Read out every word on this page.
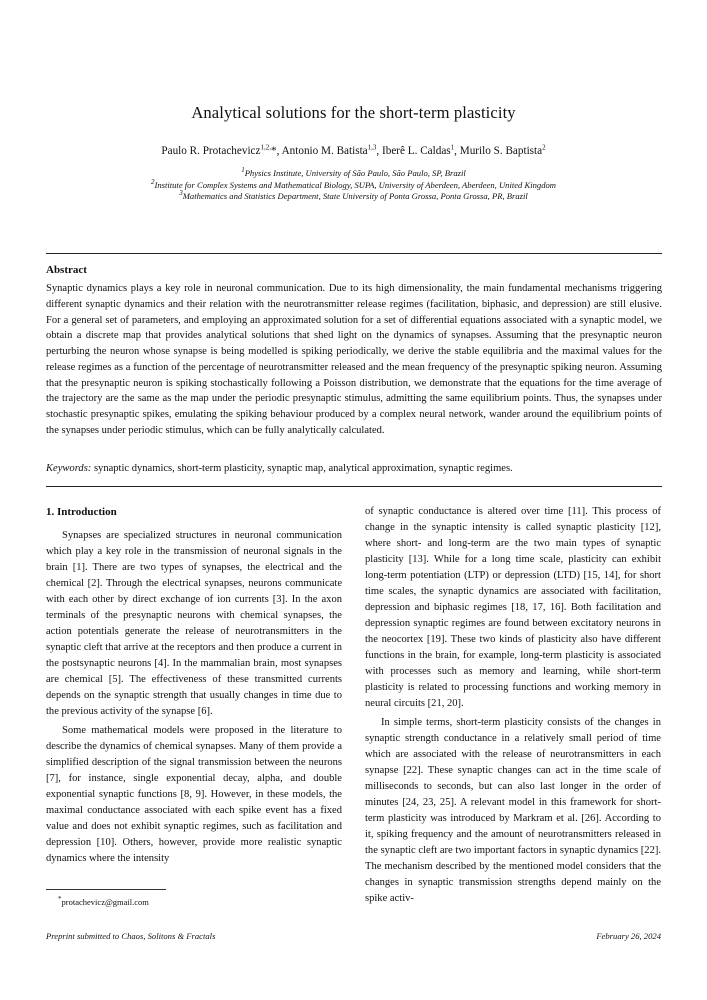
Analytical solutions for the short-term plasticity
Paulo R. Protachevicz$^{1,2,}$*, Antonio M. Batista$^{1,3}$, Iberê L. Caldas$^1$, Murilo S. Baptista$^2$
$^1$Physics Institute, University of São Paulo, São Paulo, SP, Brazil
$^2$Institute for Complex Systems and Mathematical Biology, SUPA, University of Aberdeen, Aberdeen, United Kingdom
$^3$Mathematics and Statistics Department, State University of Ponta Grossa, Ponta Grossa, PR, Brazil
Abstract
Synaptic dynamics plays a key role in neuronal communication. Due to its high dimensionality, the main fundamental mechanisms triggering different synaptic dynamics and their relation with the neurotransmitter release regimes (facilitation, biphasic, and depression) are still elusive. For a general set of parameters, and employing an approximated solution for a set of differential equations associated with a synaptic model, we obtain a discrete map that provides analytical solutions that shed light on the dynamics of synapses. Assuming that the presynaptic neuron perturbing the neuron whose synapse is being modelled is spiking periodically, we derive the stable equilibria and the maximal values for the release regimes as a function of the percentage of neurotransmitter released and the mean frequency of the presynaptic spiking neuron. Assuming that the presynaptic neuron is spiking stochastically following a Poisson distribution, we demonstrate that the equations for the time average of the trajectory are the same as the map under the periodic presynaptic stimulus, admitting the same equilibrium points. Thus, the synapses under stochastic presynaptic spikes, emulating the spiking behaviour produced by a complex neural network, wander around the equilibrium points of the synapses under periodic stimulus, which can be fully analytically calculated.
Keywords: synaptic dynamics, short-term plasticity, synaptic map, analytical approximation, synaptic regimes.
1. Introduction

Synapses are specialized structures in neuronal communication which play a key role in the transmission of neuronal signals in the brain [1]. There are two types of synapses, the electrical and the chemical [2]. Through the electrical synapses, neurons communicate with each other by direct exchange of ion currents [3]. In the axon terminals of the presynaptic neurons with chemical synapses, the action potentials generate the release of neurotransmitters in the synaptic cleft that arrive at the receptors and then produce a current in the postsynaptic neurons [4]. In the mammalian brain, most synapses are chemical [5]. The effectiveness of these transmitted currents depends on the synaptic strength that usually changes in time due to the previous activity of the synapse [6].

Some mathematical models were proposed in the literature to describe the dynamics of chemical synapses. Many of them provide a simplified description of the signal transmission between the neurons [7], for instance, single exponential decay, alpha, and double exponential synaptic functions [8, 9]. However, in these models, the maximal conductance associated with each spike event has a fixed value and does not exhibit synaptic regimes, such as facilitation and depression [10]. Others, however, provide more realistic synaptic dynamics where the intensity

of synaptic conductance is altered over time [11]. This process of change in the synaptic intensity is called synaptic plasticity [12], where short- and long-term are the two main types of synaptic plasticity [13]. While for a long time scale, plasticity can exhibit long-term potentiation (LTP) or depression (LTD) [15, 14], for short time scales, the synaptic dynamics are associated with facilitation, depression and biphasic regimes [18, 17, 16]. Both facilitation and depression synaptic regimes are found between excitatory neurons in the neocortex [19]. These two kinds of plasticity also have different functions in the brain, for example, long-term plasticity is associated with processes such as memory and learning, while short-term plasticity is related to processing functions and working memory in neural circuits [21, 20].

In simple terms, short-term plasticity consists of the changes in synaptic strength conductance in a relatively small period of time which are associated with the release of neurotransmitters in each synapse [22]. These synaptic changes can act in the time scale of milliseconds to seconds, but can also last longer in the order of minutes [24, 23, 25]. A relevant model in this framework for short-term plasticity was introduced by Markram et al. [26]. According to it, spiking frequency and the amount of neurotransmitters released in the synaptic cleft are two important factors in synaptic dynamics [22]. The mechanism described by the mentioned model considers that the changes in synaptic transmission strengths depend mainly on the spike activ-

*protachevicz@gmail.com
Preprint submitted to Chaos, Solitons & Fractals	February 26, 2024
